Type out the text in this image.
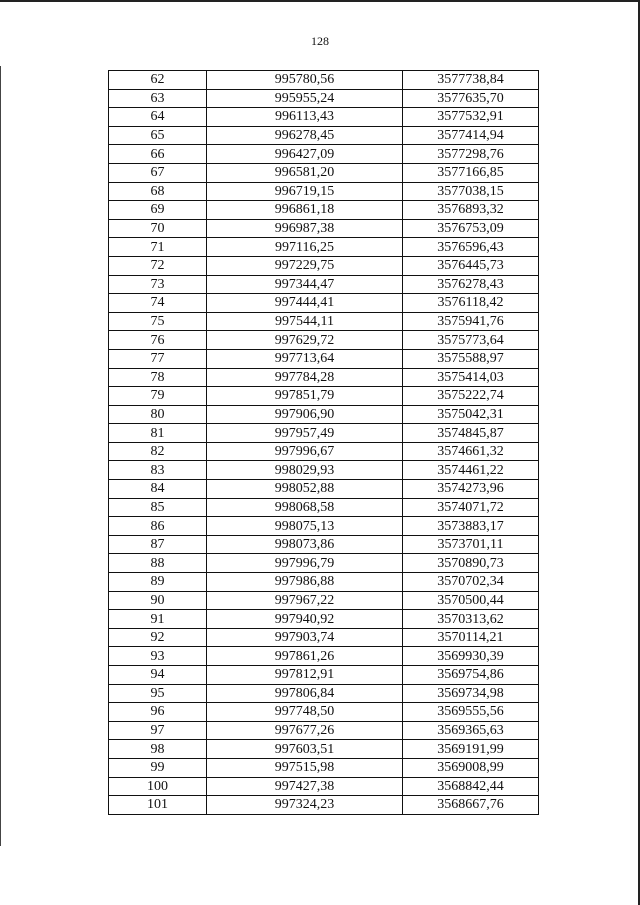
128
62	995780,56	3577738,84
63	995955,24	3577635,70
64	996113,43	3577532,91
65	996278,45	3577414,94
66	996427,09	3577298,76
67	996581,20	3577166,85
68	996719,15	3577038,15
69	996861,18	3576893,32
70	996987,38	3576753,09
71	997116,25	3576596,43
72	997229,75	3576445,73
73	997344,47	3576278,43
74	997444,41	3576118,42
75	997544,11	3575941,76
76	997629,72	3575773,64
77	997713,64	3575588,97
78	997784,28	3575414,03
79	997851,79	3575222,74
80	997906,90	3575042,31
81	997957,49	3574845,87
82	997996,67	3574661,32
83	998029,93	3574461,22
84	998052,88	3574273,96
85	998068,58	3574071,72
86	998075,13	3573883,17
87	998073,86	3573701,11
88	997996,79	3570890,73
89	997986,88	3570702,34
90	997967,22	3570500,44
91	997940,92	3570313,62
92	997903,74	3570114,21
93	997861,26	3569930,39
94	997812,91	3569754,86
95	997806,84	3569734,98
96	997748,50	3569555,56
97	997677,26	3569365,63
98	997603,51	3569191,99
99	997515,98	3569008,99
100	997427,38	3568842,44
101	997324,23	3568667,76
